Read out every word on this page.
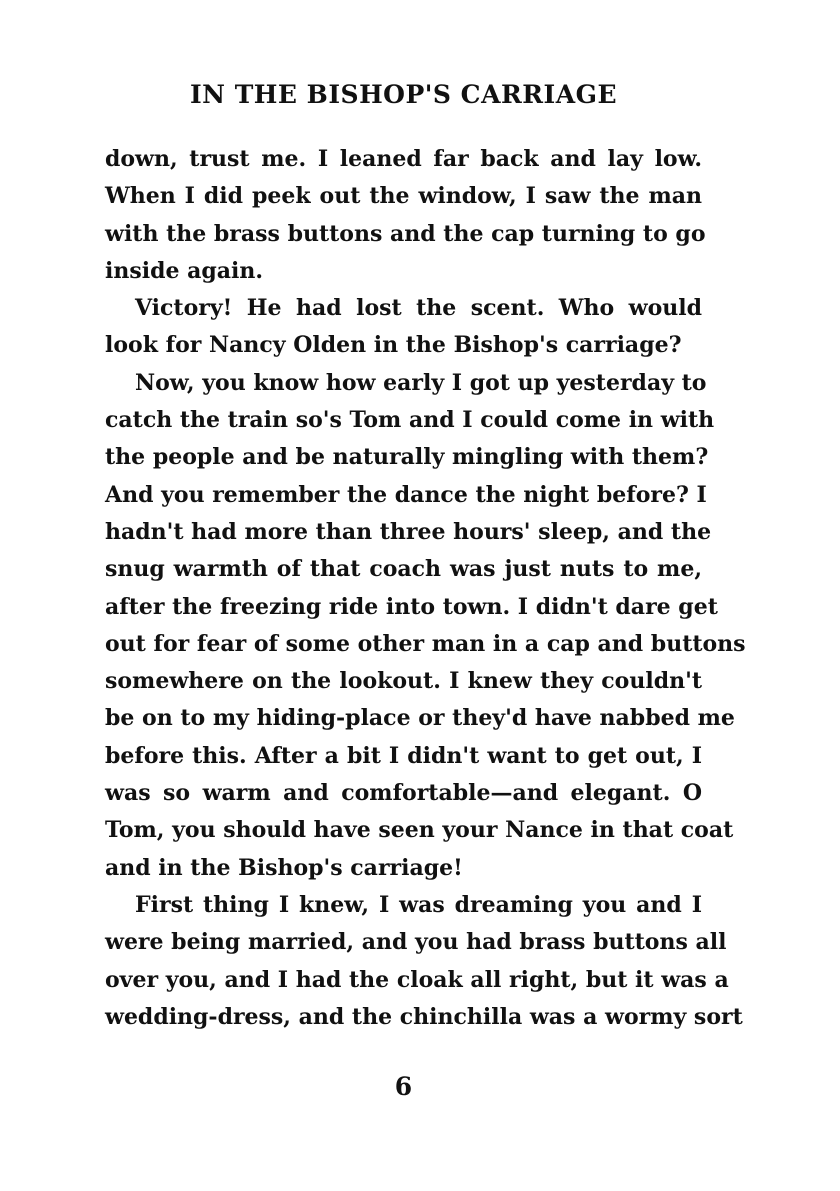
IN THE BISHOP'S CARRIAGE
down, trust me. I leaned far back and lay low.
When I did peek out the window, I saw the man
with the brass buttons and the cap turning to go
inside again.
Victory! He had lost the scent. Who would
look for Nancy Olden in the Bishop's carriage?
Now, you know how early I got up yesterday to
catch the train so's Tom and I could come in with
the people and be naturally mingling with them?
And you remember the dance the night before? I
hadn't had more than three hours' sleep, and the
snug warmth of that coach was just nuts to me,
after the freezing ride into town. I didn't dare get
out for fear of some other man in a cap and buttons
somewhere on the lookout. I knew they couldn't
be on to my hiding-place or they'd have nabbed me
before this. After a bit I didn't want to get out, I
was so warm and comfortable—and elegant. O
Tom, you should have seen your Nance in that coat
and in the Bishop's carriage!
First thing I knew, I was dreaming you and I
were being married, and you had brass buttons all
over you, and I had the cloak all right, but it was a
wedding-dress, and the chinchilla was a wormy sort
6
